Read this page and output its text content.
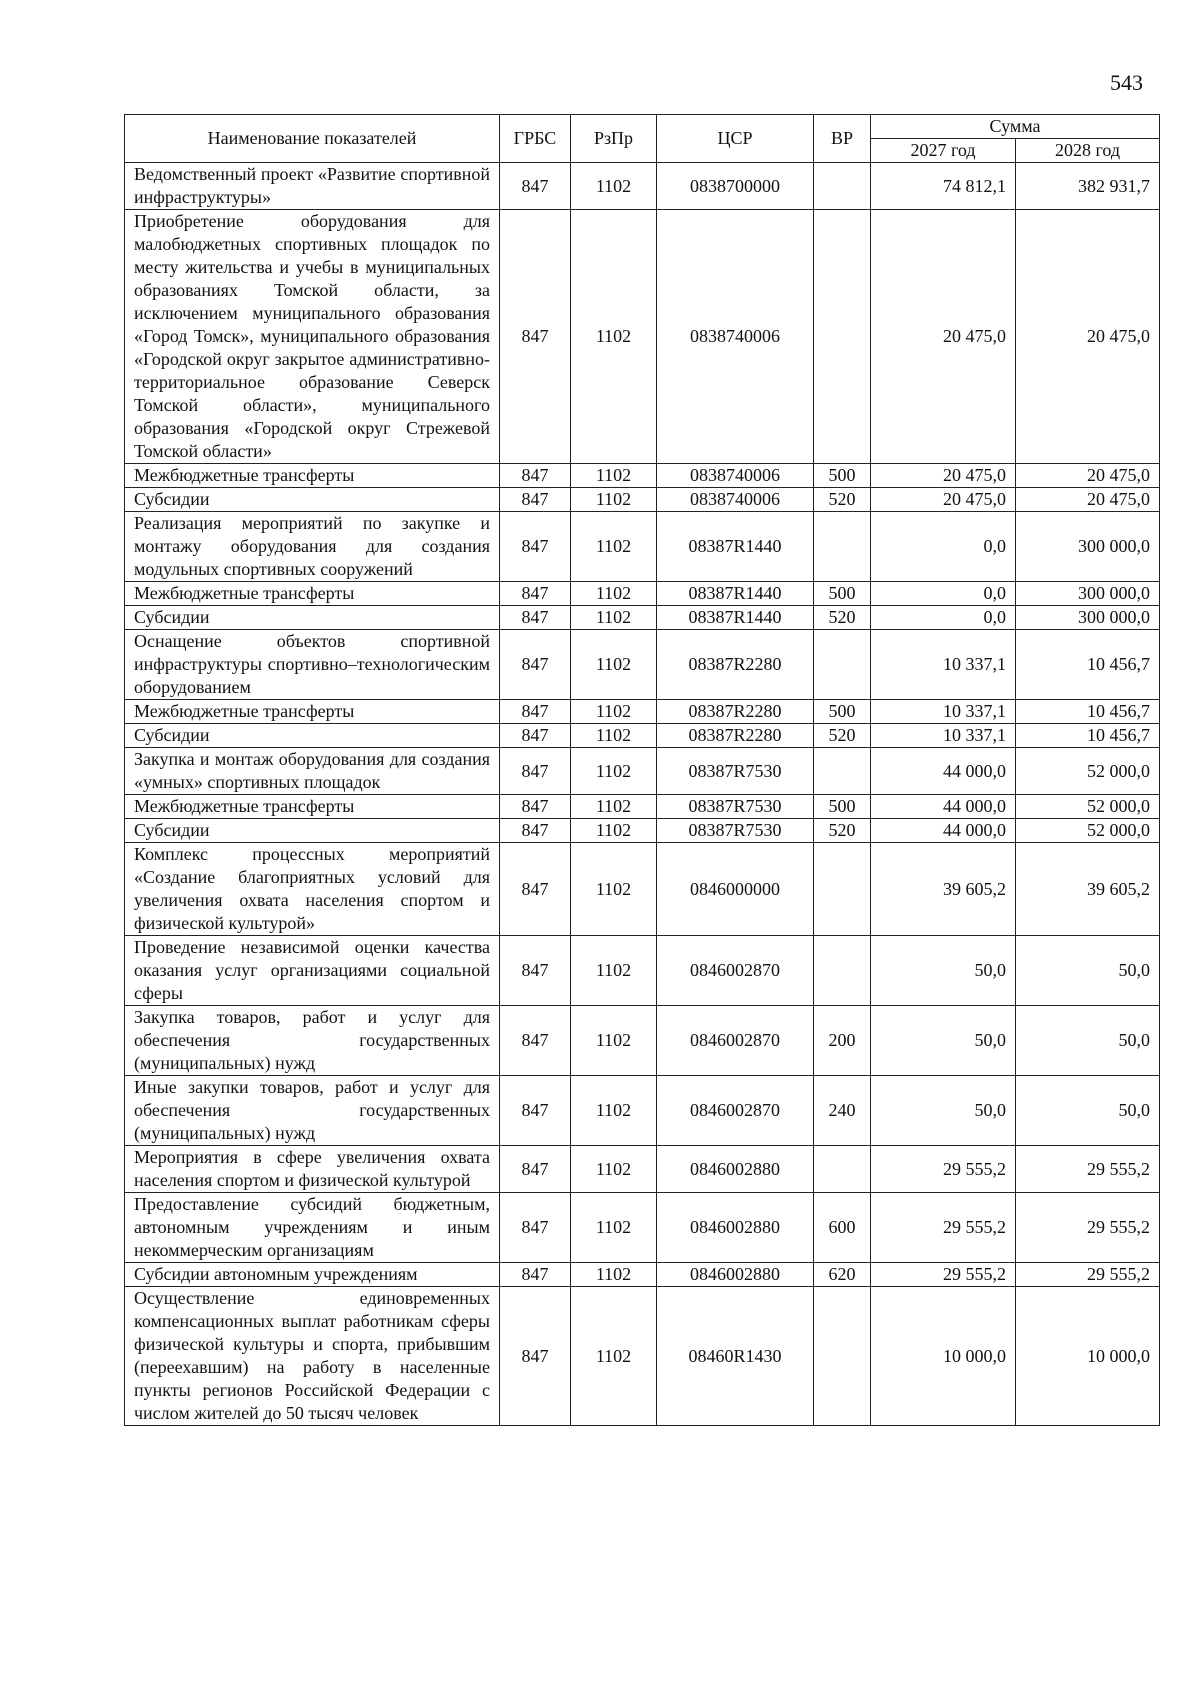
543
Наименование показателей	ГРБС	РзПр	ЦСР	ВР	Сумма	
					2027 год	2028 год
Ведомственный проект «Развитие спортивной инфраструктуры»	847	1102	0838700000		74 812,1	382 931,7
Приобретение оборудования для малобюджетных спортивных площадок по месту жительства и учебы в муниципальных образованиях Томской области, за исключением муниципального образования «Город Томск», муниципального образования «Городской округ закрытое административно-территориальное образование Северск Томской области», муниципального образования «Городской округ Стрежевой Томской области»	847	1102	0838740006		20 475,0	20 475,0
Межбюджетные трансферты	847	1102	0838740006	500	20 475,0	20 475,0
Субсидии	847	1102	0838740006	520	20 475,0	20 475,0
Реализация мероприятий по закупке и монтажу оборудования для создания модульных спортивных сооружений	847	1102	08387R1440		0,0	300 000,0
Межбюджетные трансферты	847	1102	08387R1440	500	0,0	300 000,0
Субсидии	847	1102	08387R1440	520	0,0	300 000,0
Оснащение объектов спортивной инфраструктуры спортивно–технологическим оборудованием	847	1102	08387R2280		10 337,1	10 456,7
Межбюджетные трансферты	847	1102	08387R2280	500	10 337,1	10 456,7
Субсидии	847	1102	08387R2280	520	10 337,1	10 456,7
Закупка и монтаж оборудования для создания «умных» спортивных площадок	847	1102	08387R7530		44 000,0	52 000,0
Межбюджетные трансферты	847	1102	08387R7530	500	44 000,0	52 000,0
Субсидии	847	1102	08387R7530	520	44 000,0	52 000,0
Комплекс процессных мероприятий «Создание благоприятных условий для увеличения охвата населения спортом и физической культурой»	847	1102	0846000000		39 605,2	39 605,2
Проведение независимой оценки качества оказания услуг организациями социальной сферы	847	1102	0846002870		50,0	50,0
Закупка товаров, работ и услуг для обеспечения государственных (муниципальных) нужд	847	1102	0846002870	200	50,0	50,0
Иные закупки товаров, работ и услуг для обеспечения государственных (муниципальных) нужд	847	1102	0846002870	240	50,0	50,0
Мероприятия в сфере увеличения охвата населения спортом и физической культурой	847	1102	0846002880		29 555,2	29 555,2
Предоставление субсидий бюджетным, автономным учреждениям и иным некоммерческим организациям	847	1102	0846002880	600	29 555,2	29 555,2
Субсидии автономным учреждениям	847	1102	0846002880	620	29 555,2	29 555,2
Осуществление единовременных компенсационных выплат работникам сферы физической культуры и спорта, прибывшим (переехавшим) на работу в населенные пункты регионов Российской Федерации с числом жителей до 50 тысяч человек	847	1102	08460R1430		10 000,0	10 000,0
